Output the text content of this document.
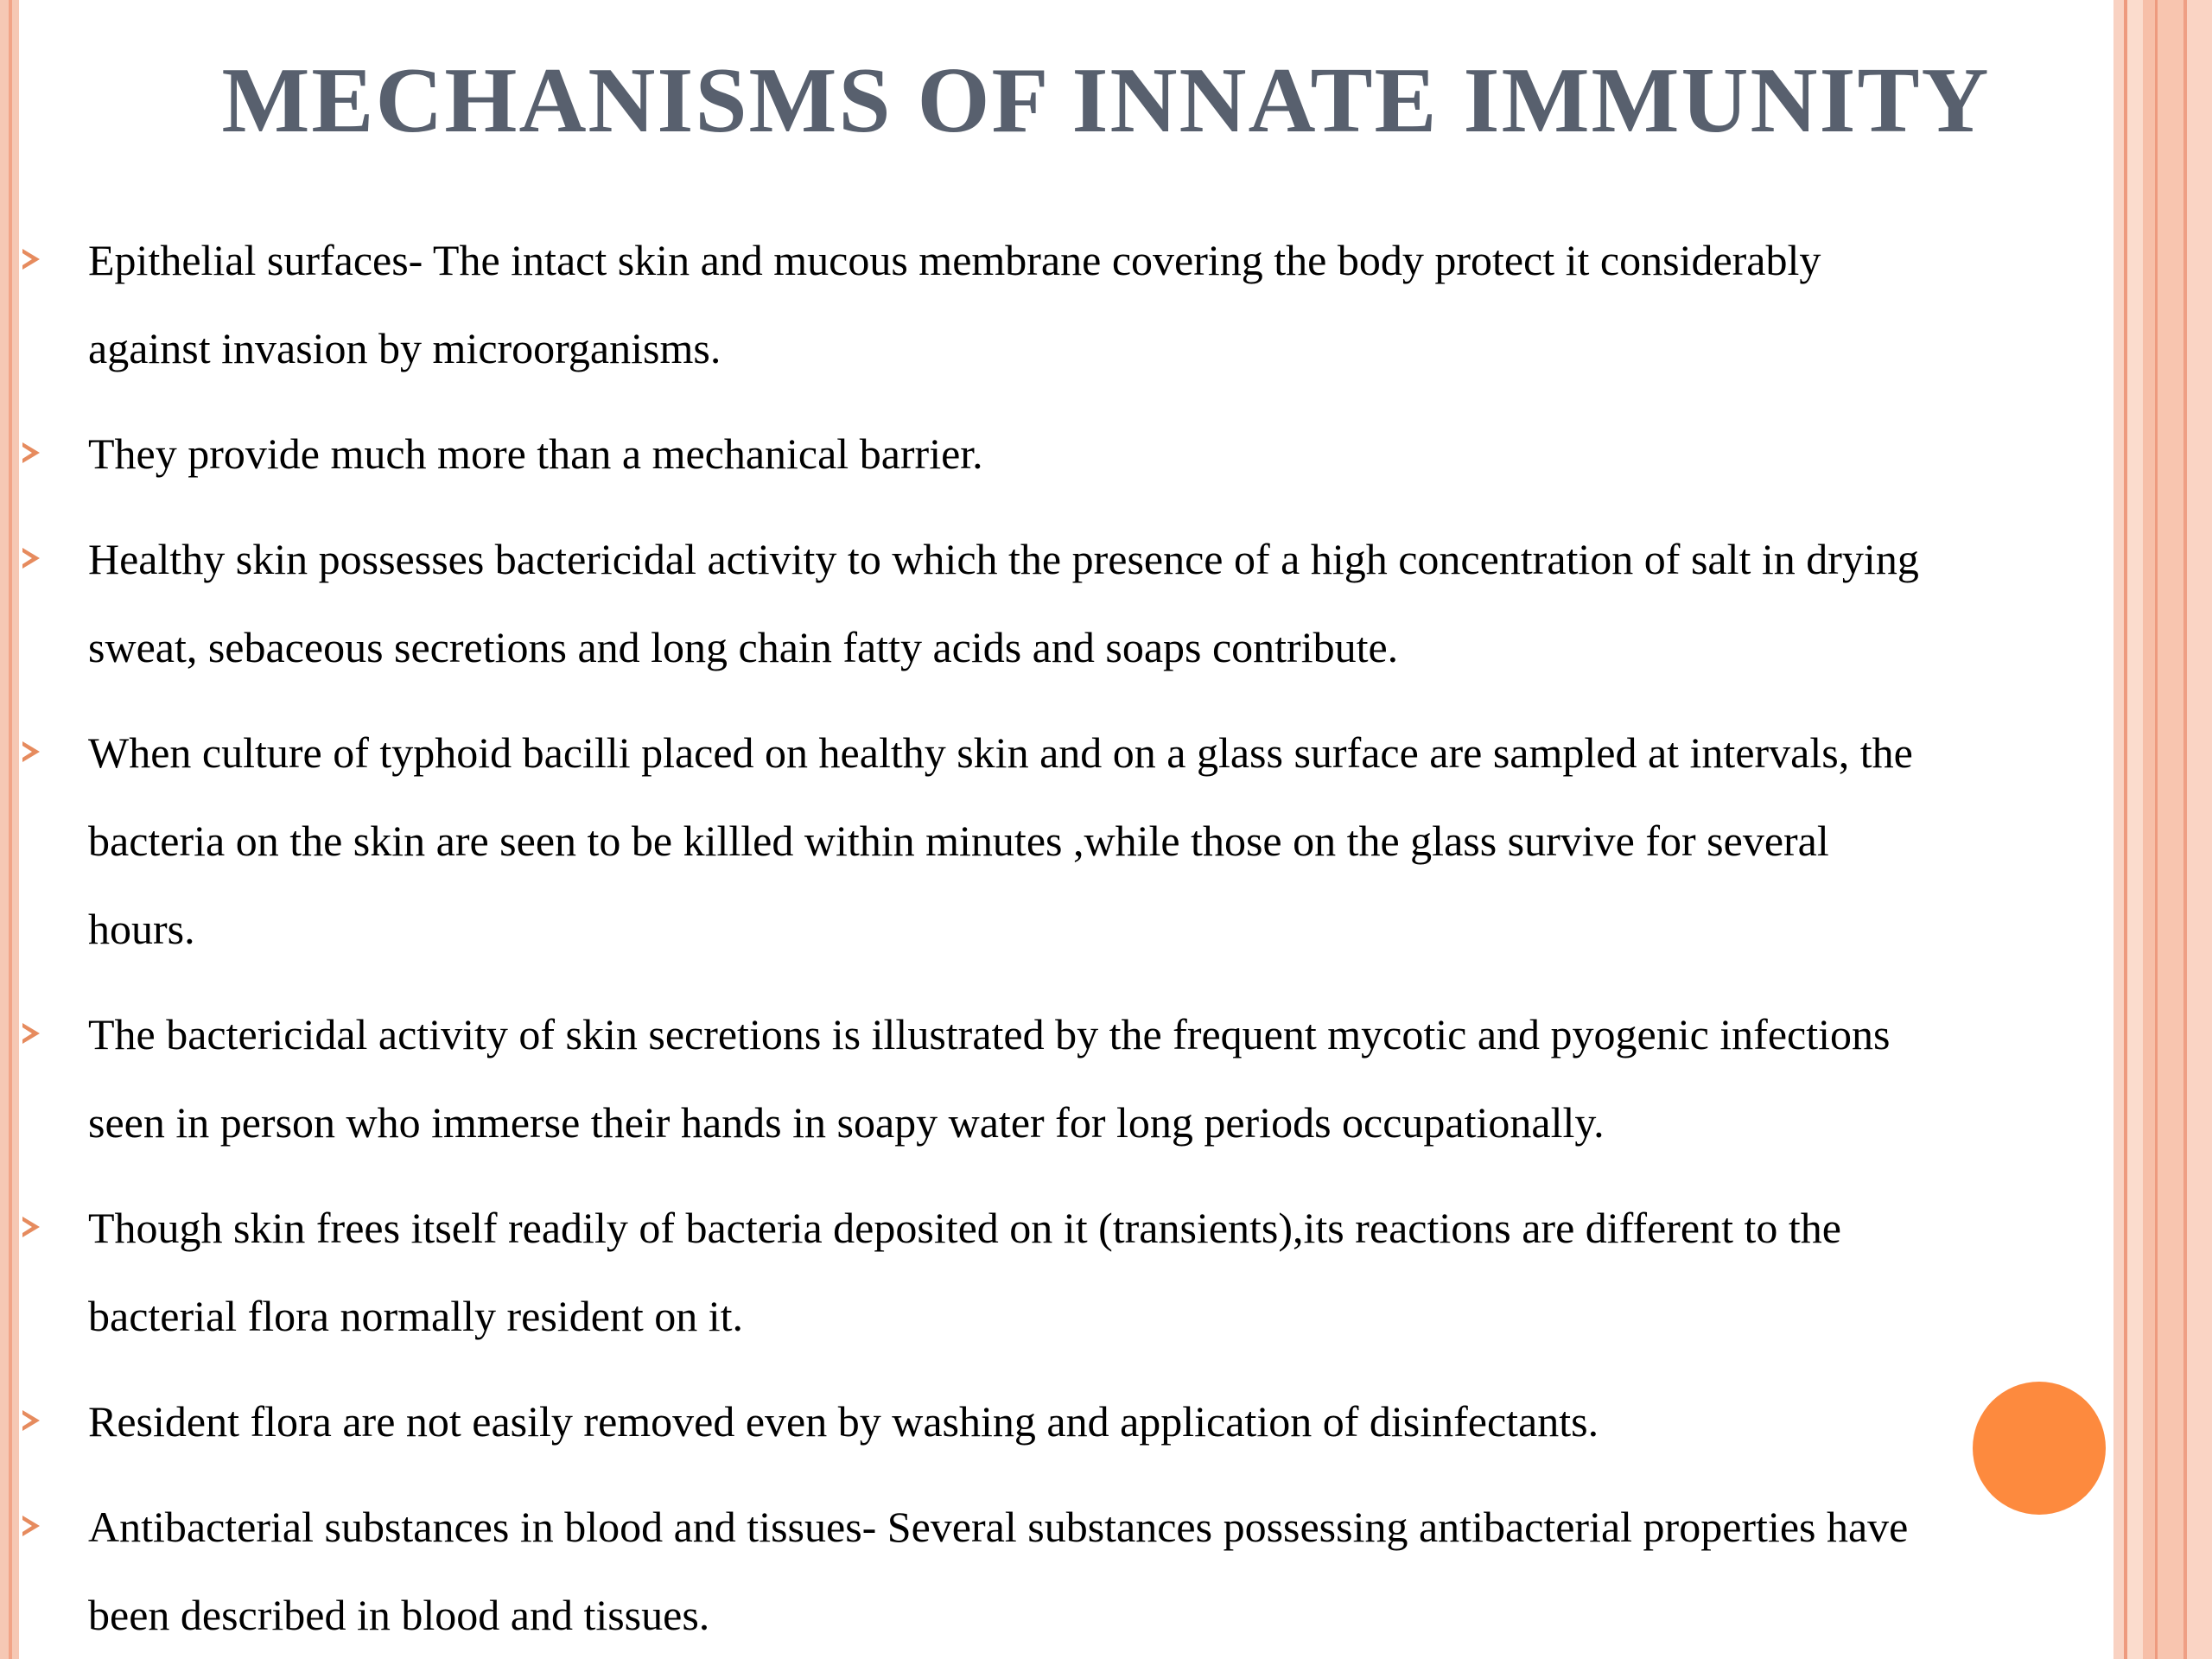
MECHANISMS OF INNATE IMMUNITY
Epithelial surfaces- The intact skin and mucous membrane covering the body protect it considerably
against invasion by microorganisms.
They provide much more than a mechanical barrier.
Healthy skin possesses bactericidal activity to which the presence of a high concentration of salt in drying
sweat, sebaceous secretions and long chain fatty acids and soaps contribute.
When culture of typhoid bacilli placed on healthy skin and on a glass surface are sampled at intervals, the
bacteria on the skin are seen to be killled within minutes ,while those on the glass survive for several
hours.
The bactericidal activity of skin secretions is illustrated by the frequent mycotic and pyogenic infections
seen in person who immerse their hands in soapy water for long periods occupationally.
Though skin frees itself readily of bacteria deposited on it (transients),its reactions are different to the
bacterial flora normally resident on it.
Resident flora are not easily removed even by washing and application of disinfectants.
Antibacterial substances in blood and tissues- Several substances possessing antibacterial properties have
been described in blood and tissues.
